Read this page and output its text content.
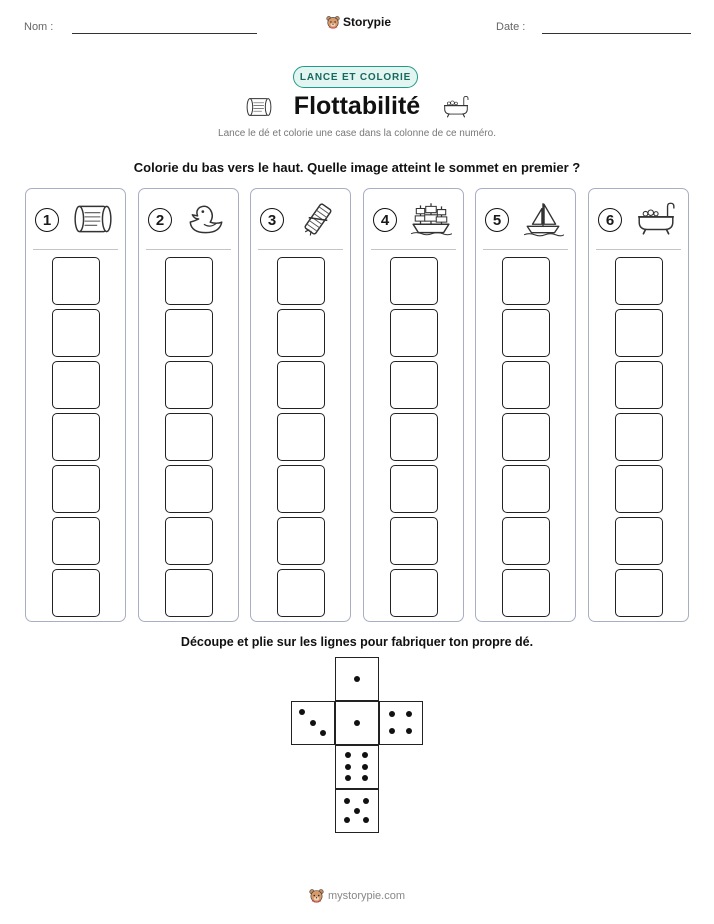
Nom :	Storypie	Date :
LANCE ET COLORIE
Flottabilité
Lance le dé et colorie une case dans la colonne de ce numéro.
Colorie du bas vers le haut. Quelle image atteint le sommet en premier ?
1	2	3	4	5	6
Découpe et plie sur les lignes pour fabriquer ton propre dé.
mystorypie.com
